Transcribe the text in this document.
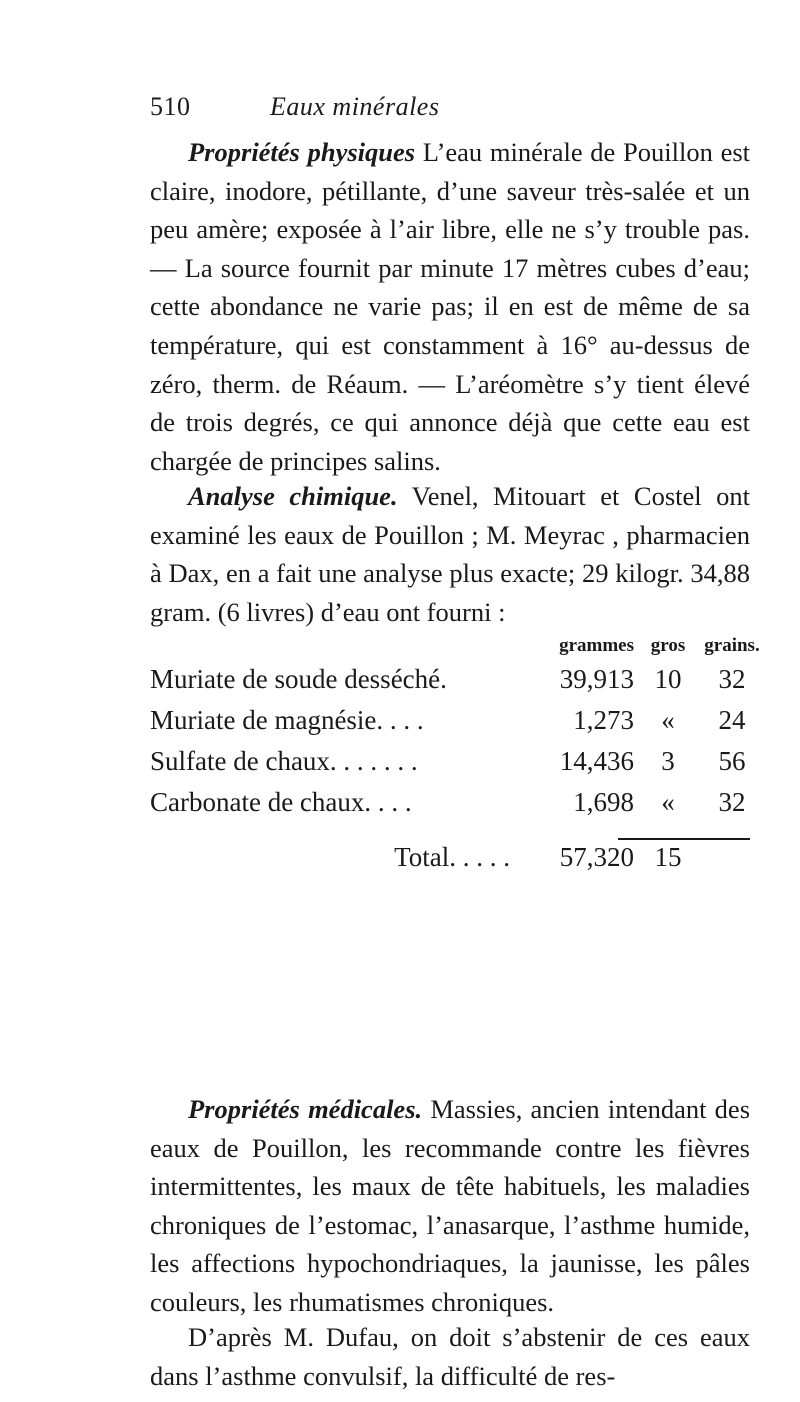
510	Eaux minérales

Propriétés physiques L’eau minérale de Pouillon est claire, inodore, pétillante, d’une saveur très-salée et un peu amère; exposée à l’air libre, elle ne s’y trouble pas. — La source fournit par minute 17 mètres cubes d’eau; cette abondance ne varie pas; il en est de même de sa température, qui est constamment à 16° au-dessus de zéro, therm. de Réaum. — L’aréomètre s’y tient élevé de trois degrés, ce qui annonce déjà que cette eau est chargée de principes salins.

Analyse chimique. Venel, Mitouart et Costel ont examiné les eaux de Pouillon ; M. Meyrac , pharmacien à Dax, en a fait une analyse plus exacte; 29 kilogr. 34,88 gram. (6 livres) d’eau ont fourni :

	grammes	gros	grains.
Muriate de soude desséché.	39,913	10	32
Muriate de magnésie. . . .	1,273	«	24
Sulfate de chaux. . . . . . .	14,436	3	56
Carbonate de chaux. . . .	1,698	«	32
Total. . . . .	57,320	15	

Propriétés médicales. Massies, ancien intendant des eaux de Pouillon, les recommande contre les fièvres intermittentes, les maux de tête habituels, les maladies chroniques de l’estomac, l’anasarque, l’asthme humide, les affections hypochondriaques, la jaunisse, les pâles couleurs, les rhumatismes chroniques.

D’après M. Dufau, on doit s’abstenir de ces eaux dans l’asthme convulsif, la difficulté de res-
